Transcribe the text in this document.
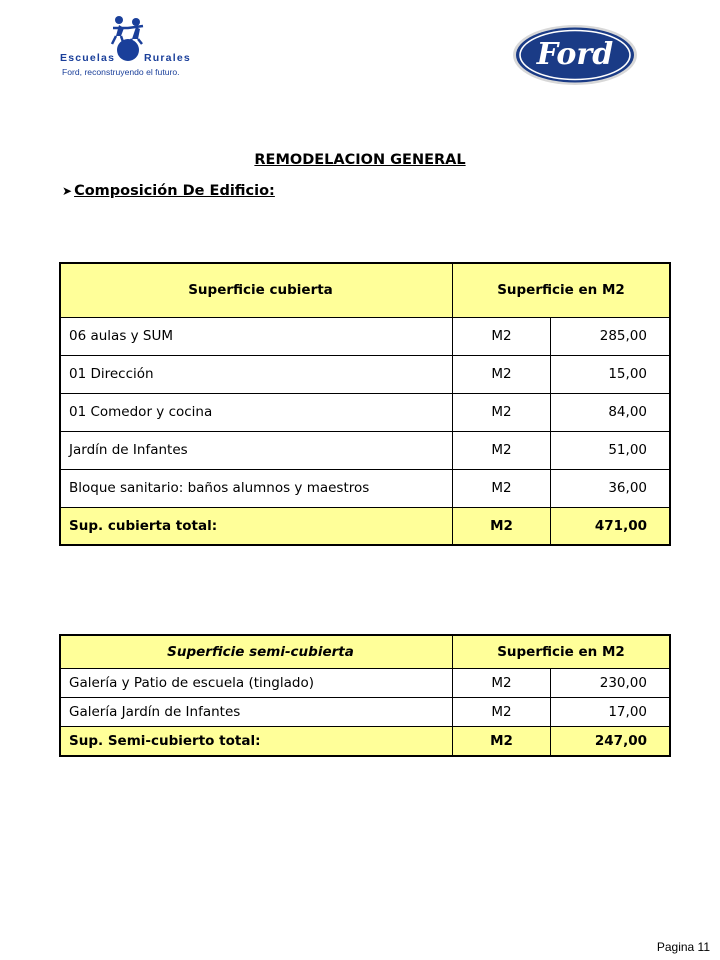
Escuelas	Rurales
Ford, reconstruyendo el futuro.	Ford
REMODELACION GENERAL
➤ Composición De Edificio:
Superficie cubierta	Superficie en M2	
06 aulas y SUM	M2	285,00
01 Dirección	M2	15,00
01 Comedor y cocina	M2	84,00
Jardín de Infantes	M2	51,00
Bloque sanitario: baños alumnos y maestros	M2	36,00
Sup. cubierta total:	M2	471,00
Superficie semi-cubierta	Superficie en M2	
Galería y Patio de escuela (tinglado)	M2	230,00
Galería Jardín de Infantes	M2	17,00
Sup. Semi-cubierto total:	M2	247,00
Pagina 11
